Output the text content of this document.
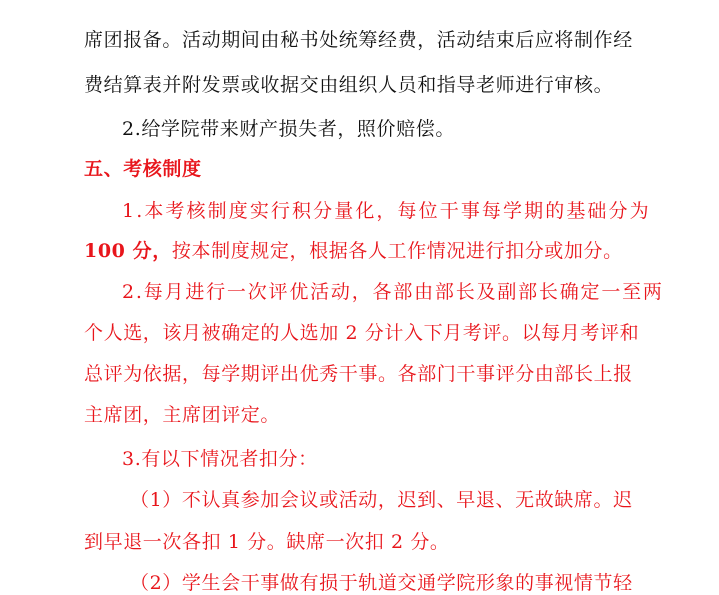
席团报备。活动期间由秘书处统筹经费，活动结束后应将制作经
费结算表并附发票或收据交由组织人员和指导老师进行审核。
2.给学院带来财产损失者，照价赔偿。
五、考核制度
1.本考核制度实行积分量化，每位干事每学期的基础分为
100 分，按本制度规定，根据各人工作情况进行扣分或加分。
2.每月进行一次评优活动，各部由部长及副部长确定一至两
个人选，该月被确定的人选加 2 分计入下月考评。以每月考评和
总评为依据，每学期评出优秀干事。各部门干事评分由部长上报
主席团，主席团评定。
3.有以下情况者扣分：
（1）不认真参加会议或活动，迟到、早退、无故缺席。迟
到早退一次各扣 1 分。缺席一次扣 2 分。
（2）学生会干事做有损于轨道交通学院形象的事视情节轻
